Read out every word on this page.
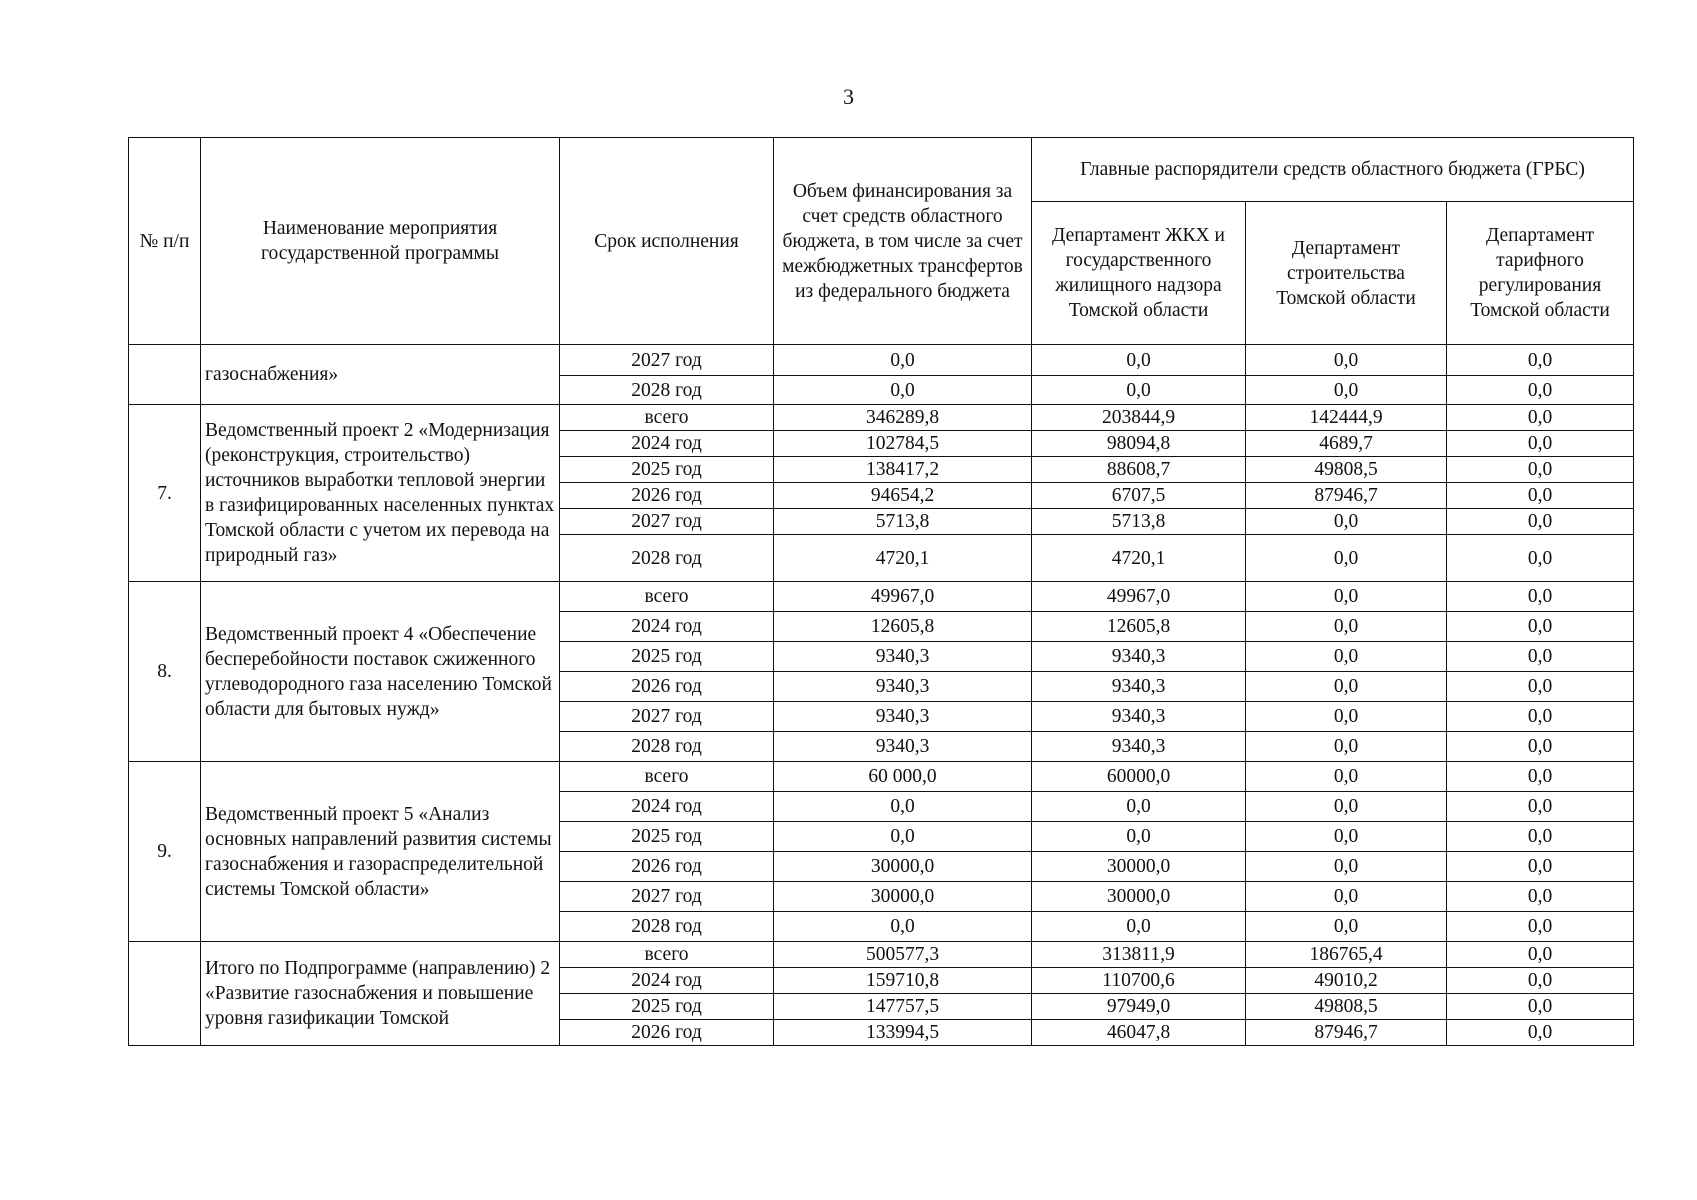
3
№ п/п	Наименование мероприятия государственной программы	Срок исполнения	Объем финансирования за счет средств областного бюджета, в том числе за счет межбюджетных трансфертов из федерального бюджета	Главные распорядители средств областного бюджета (ГРБС)		
				Департамент ЖКХ и государственного жилищного надзора Томской области	Департамент строительства Томской области	Департамент тарифного регулирования Томской области
	газоснабжения»	2027 год	0,0	0,0	0,0	0,0
		2028 год	0,0	0,0	0,0	0,0
7.	Ведомственный проект 2 «Модернизация (реконструкция, строительство) источников выработки тепловой энергии в газифицированных населенных пунктах Томской области с учетом их перевода на природный газ»	всего	346289,8	203844,9	142444,9	0,0
		2024 год	102784,5	98094,8	4689,7	0,0
		2025 год	138417,2	88608,7	49808,5	0,0
		2026 год	94654,2	6707,5	87946,7	0,0
		2027 год	5713,8	5713,8	0,0	0,0
		2028 год	4720,1	4720,1	0,0	0,0
8.	Ведомственный проект 4 «Обеспечение бесперебойности поставок сжиженного углеводородного газа населению Томской области для бытовых нужд»	всего	49967,0	49967,0	0,0	0,0
		2024 год	12605,8	12605,8	0,0	0,0
		2025 год	9340,3	9340,3	0,0	0,0
		2026 год	9340,3	9340,3	0,0	0,0
		2027 год	9340,3	9340,3	0,0	0,0
		2028 год	9340,3	9340,3	0,0	0,0
9.	Ведомственный проект 5 «Анализ основных направлений развития системы газоснабжения и газораспределительной системы Томской области»	всего	60 000,0	60000,0	0,0	0,0
		2024 год	0,0	0,0	0,0	0,0
		2025 год	0,0	0,0	0,0	0,0
		2026 год	30000,0	30000,0	0,0	0,0
		2027 год	30000,0	30000,0	0,0	0,0
		2028 год	0,0	0,0	0,0	0,0
	Итого по Подпрограмме (направлению) 2 «Развитие газоснабжения и повышение уровня газификации Томской	всего	500577,3	313811,9	186765,4	0,0
		2024 год	159710,8	110700,6	49010,2	0,0
		2025 год	147757,5	97949,0	49808,5	0,0
		2026 год	133994,5	46047,8	87946,7	0,0
